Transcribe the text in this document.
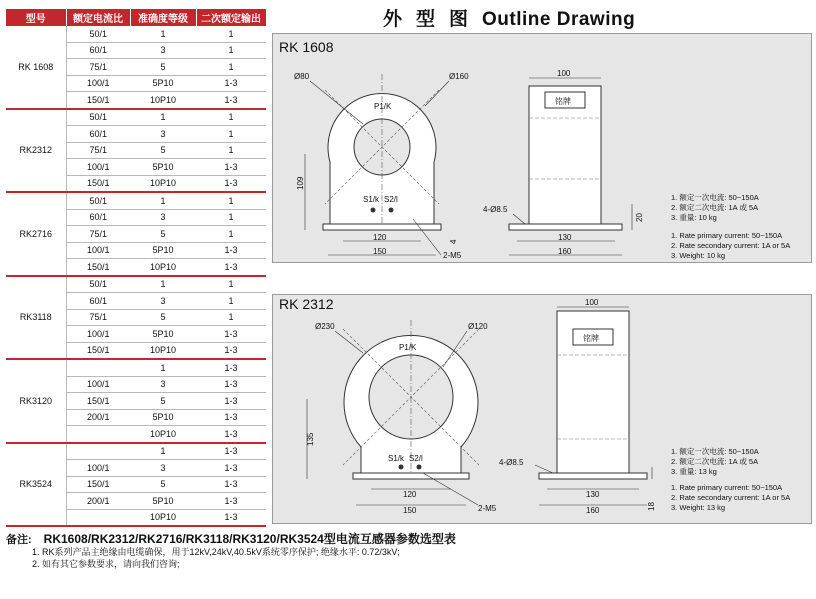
型号	额定电流比	准确度等级	二次额定输出
RK 1608	50/1	1	1
	60/1	3	1
	75/1	5	1
	100/1	5P10	1-3
	150/1	10P10	1-3
RK2312	50/1	1	1
	60/1	3	1
	75/1	5	1
	100/1	5P10	1-3
	150/1	10P10	1-3
RK2716	50/1	1	1
	60/1	3	1
	75/1	5	1
	100/1	5P10	1-3
	150/1	10P10	1-3
RK3118	50/1	1	1
	60/1	3	1
	75/1	5	1
	100/1	5P10	1-3
	150/1	10P10	1-3
RK3120		1	1-3
	100/1	3	1-3
	150/1	5	1-3
	200/1	5P10	1-3
		10P10	1-3
RK3524		1	1-3
	100/1	3	1-3
	150/1	5	1-3
	200/1	5P10	1-3
		10P10	1-3
外型图Outline Drawing
RK 1608
P1/K
Ø80	Ø160
S1/k S2/l
109
120
150
4
2-M5
铭牌
100
4-Ø8.5
130
160
20
1. 额定一次电流: 50~150A
2. 额定二次电流: 1A 或 5A
3. 重量: 10 kg
1. Rate primary current: 50~150A
2. Rate secondary current: 1A or 5A
3. Weight: 10 kg
RK 2312
P1/K
Ø230	Ø120
S1/k S2/l
135
120
150	2-M5
铭牌
100
4-Ø8.5
130
160	18
1. 额定一次电流: 50~150A
2. 额定二次电流: 1A 或 5A
3. 重量: 13 kg
1. Rate primary current: 50~150A
2. Rate secondary current: 1A or 5A
3. Weight: 13 kg
备注: RK1608/RK2312/RK2716/RK3118/RK3120/RK3524型电流互感器参数选型表
1. RK系列产品主绝缘由电缆确保，用于12kV,24kV,40.5kV系统零序保护; 绝缘水平: 0.72/3kV;
2. 如有其它参数要求，请向我们咨询;
